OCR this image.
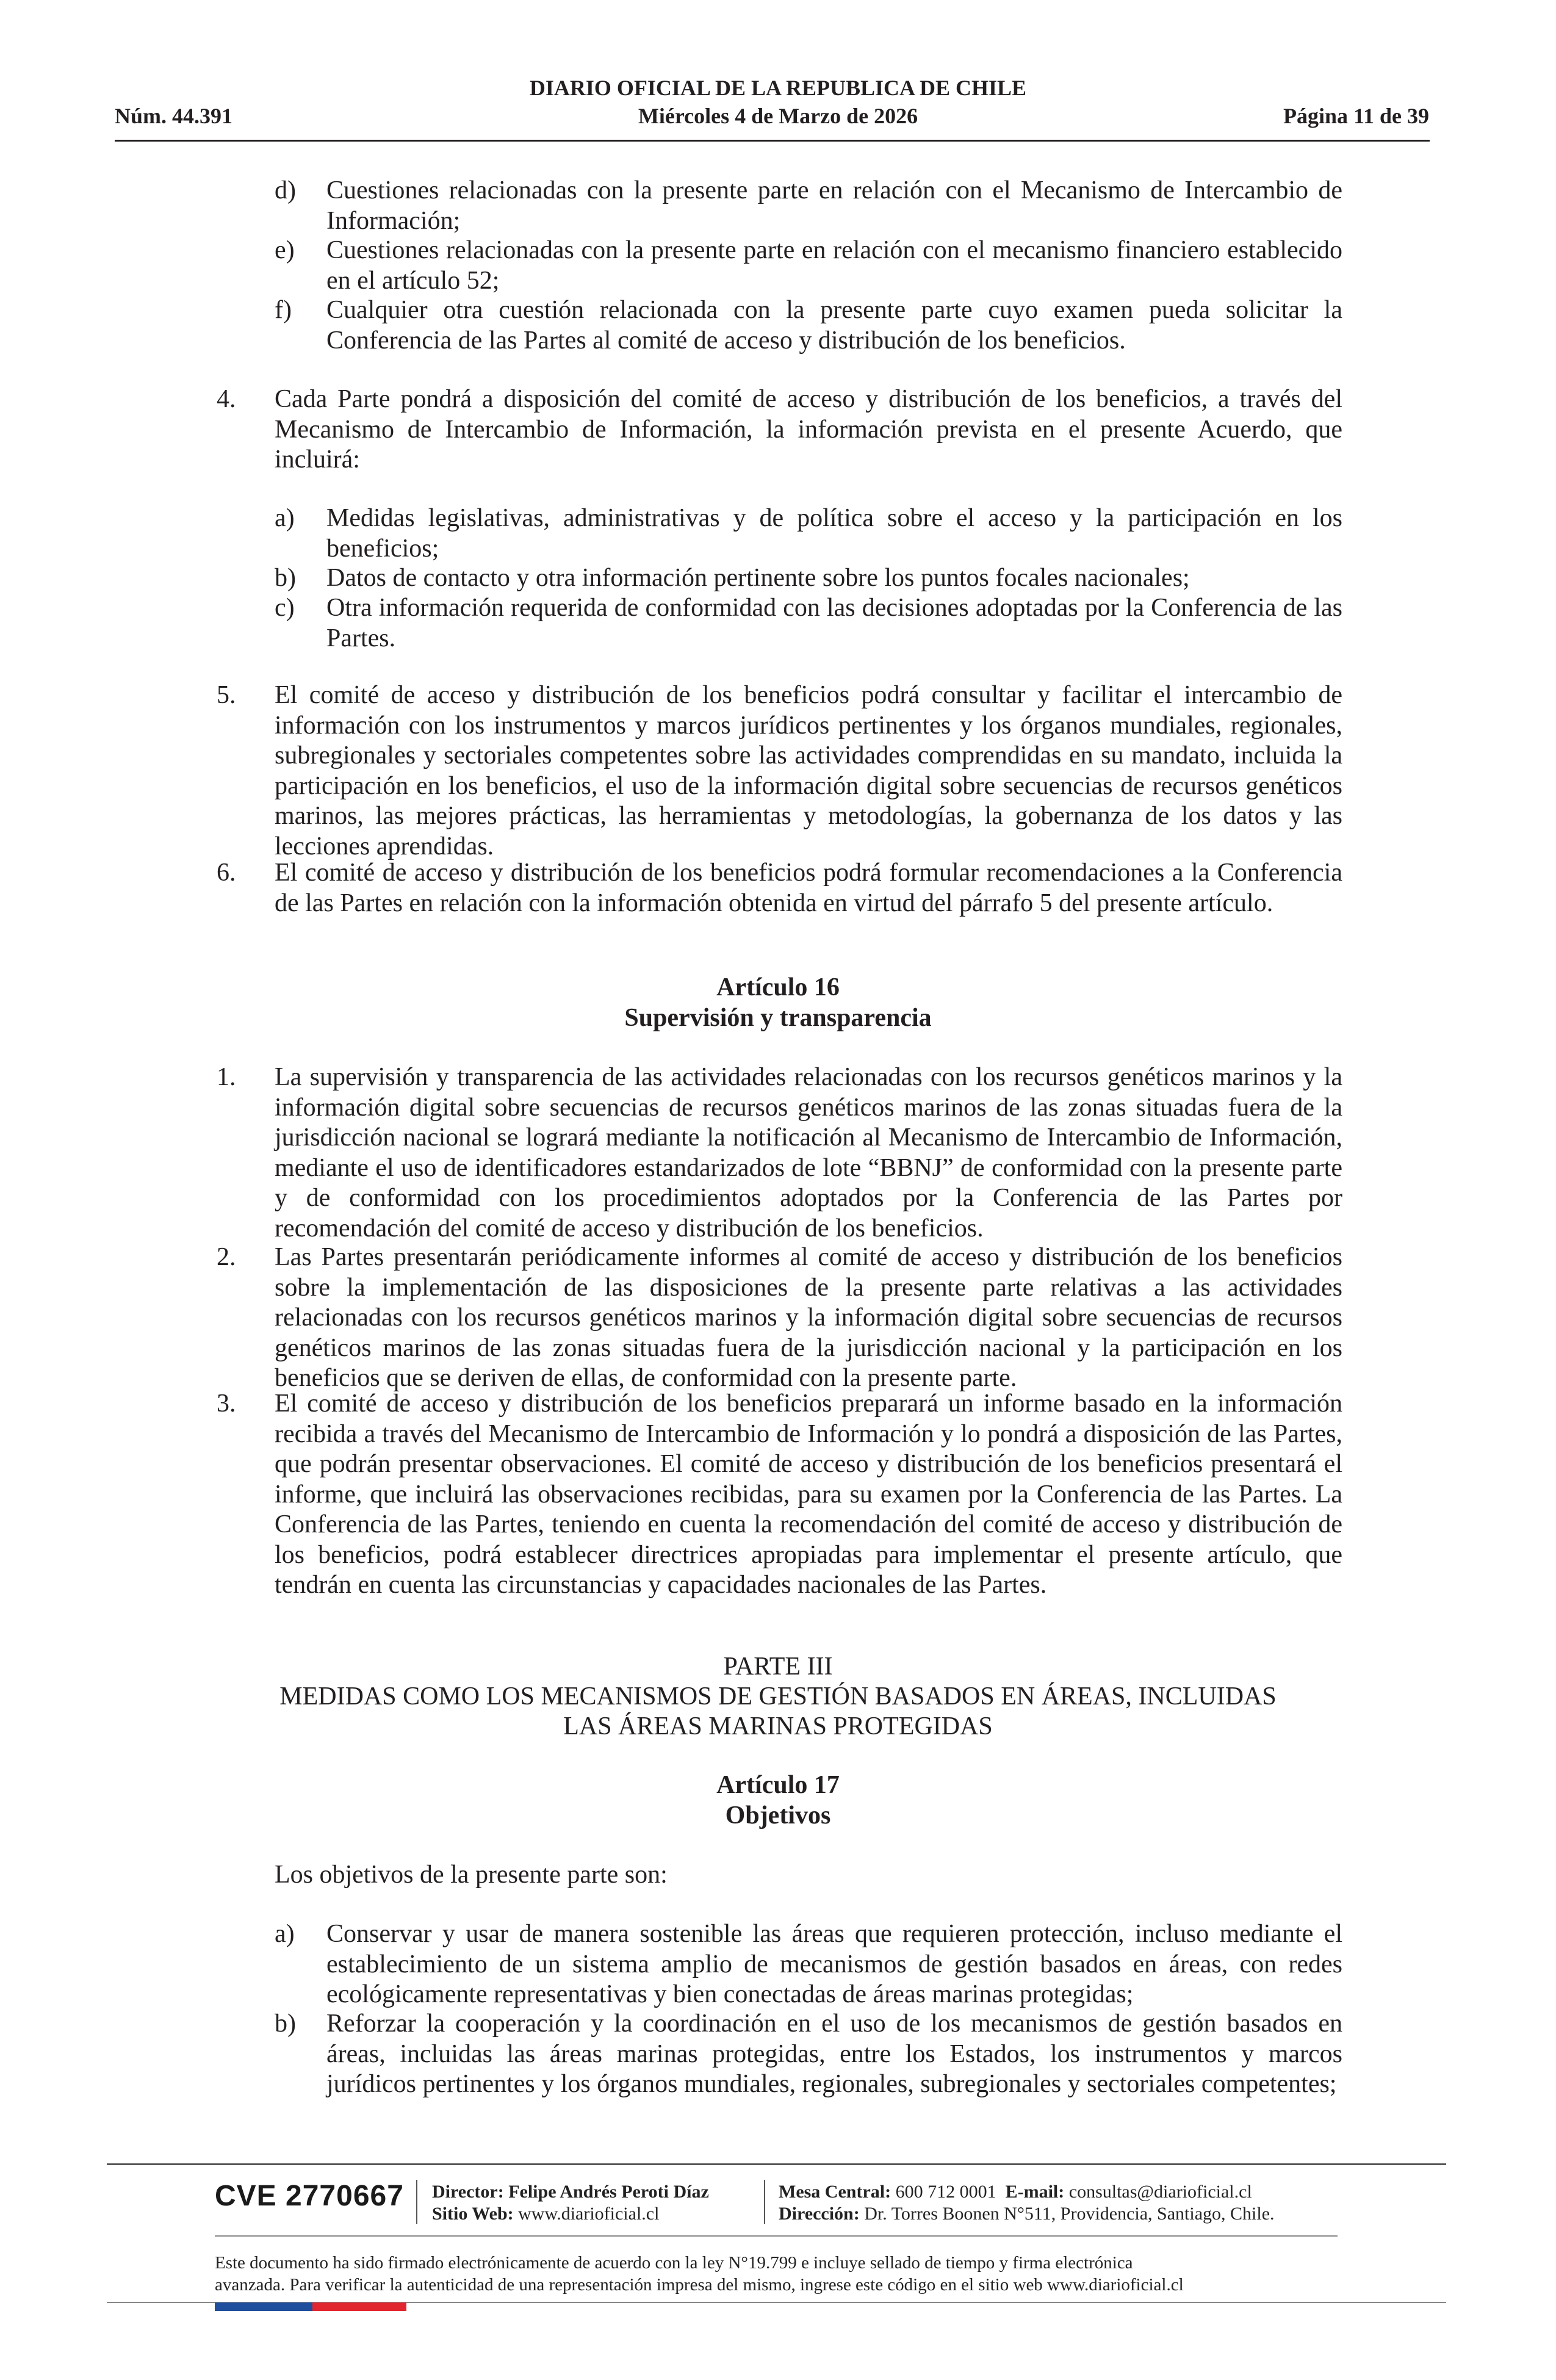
Núm. 44.391
DIARIO OFICIAL DE LA REPUBLICA DE CHILE
Miércoles 4 de Marzo de 2026	Página 11 de 39
d) Cuestiones relacionadas con la presente parte en relación con el Mecanismo de Intercambio de Información;
e) Cuestiones relacionadas con la presente parte en relación con el mecanismo financiero establecido en el artículo 52;
f) Cualquier otra cuestión relacionada con la presente parte cuyo examen pueda solicitar la Conferencia de las Partes al comité de acceso y distribución de los beneficios.
4. Cada Parte pondrá a disposición del comité de acceso y distribución de los beneficios, a través del Mecanismo de Intercambio de Información, la información prevista en el presente Acuerdo, que incluirá:
a) Medidas legislativas, administrativas y de política sobre el acceso y la participación en los beneficios;
b) Datos de contacto y otra información pertinente sobre los puntos focales nacionales;
c) Otra información requerida de conformidad con las decisiones adoptadas por la Conferencia de las Partes.
5. El comité de acceso y distribución de los beneficios podrá consultar y facilitar el intercambio de información con los instrumentos y marcos jurídicos pertinentes y los órganos mundiales, regionales, subregionales y sectoriales competentes sobre las actividades comprendidas en su mandato, incluida la participación en los beneficios, el uso de la información digital sobre secuencias de recursos genéticos marinos, las mejores prácticas, las herramientas y metodologías, la gobernanza de los datos y las lecciones aprendidas.
6. El comité de acceso y distribución de los beneficios podrá formular recomendaciones a la Conferencia de las Partes en relación con la información obtenida en virtud del párrafo 5 del presente artículo.
Artículo 16
Supervisión y transparencia
1. La supervisión y transparencia de las actividades relacionadas con los recursos genéticos marinos y la información digital sobre secuencias de recursos genéticos marinos de las zonas situadas fuera de la jurisdicción nacional se logrará mediante la notificación al Mecanismo de Intercambio de Información, mediante el uso de identificadores estandarizados de lote “BBNJ” de conformidad con la presente parte y de conformidad con los procedimientos adoptados por la Conferencia de las Partes por recomendación del comité de acceso y distribución de los beneficios.
2. Las Partes presentarán periódicamente informes al comité de acceso y distribución de los beneficios sobre la implementación de las disposiciones de la presente parte relativas a las actividades relacionadas con los recursos genéticos marinos y la información digital sobre secuencias de recursos genéticos marinos de las zonas situadas fuera de la jurisdicción nacional y la participación en los beneficios que se deriven de ellas, de conformidad con la presente parte.
3. El comité de acceso y distribución de los beneficios preparará un informe basado en la información recibida a través del Mecanismo de Intercambio de Información y lo pondrá a disposición de las Partes, que podrán presentar observaciones. El comité de acceso y distribución de los beneficios presentará el informe, que incluirá las observaciones recibidas, para su examen por la Conferencia de las Partes. La Conferencia de las Partes, teniendo en cuenta la recomendación del comité de acceso y distribución de los beneficios, podrá establecer directrices apropiadas para implementar el presente artículo, que tendrán en cuenta las circunstancias y capacidades nacionales de las Partes.
PARTE III
MEDIDAS COMO LOS MECANISMOS DE GESTIÓN BASADOS EN ÁREAS, INCLUIDAS
LAS ÁREAS MARINAS PROTEGIDAS
Artículo 17
Objetivos
Los objetivos de la presente parte son:
a) Conservar y usar de manera sostenible las áreas que requieren protección, incluso mediante el establecimiento de un sistema amplio de mecanismos de gestión basados en áreas, con redes ecológicamente representativas y bien conectadas de áreas marinas protegidas;
b) Reforzar la cooperación y la coordinación en el uso de los mecanismos de gestión basados en áreas, incluidas las áreas marinas protegidas, entre los Estados, los instrumentos y marcos jurídicos pertinentes y los órganos mundiales, regionales, subregionales y sectoriales competentes;
CVE 2770667 Director: Felipe Andrés Peroti Díaz
Sitio Web: www.diarioficial.cl
Mesa Central: 600 712 0001 E-mail: consultas@diarioficial.cl
Dirección: Dr. Torres Boonen N°511, Providencia, Santiago, Chile.
Este documento ha sido firmado electrónicamente de acuerdo con la ley N°19.799 e incluye sellado de tiempo y firma electrónica
avanzada. Para verificar la autenticidad de una representación impresa del mismo, ingrese este código en el sitio web www.diarioficial.cl
